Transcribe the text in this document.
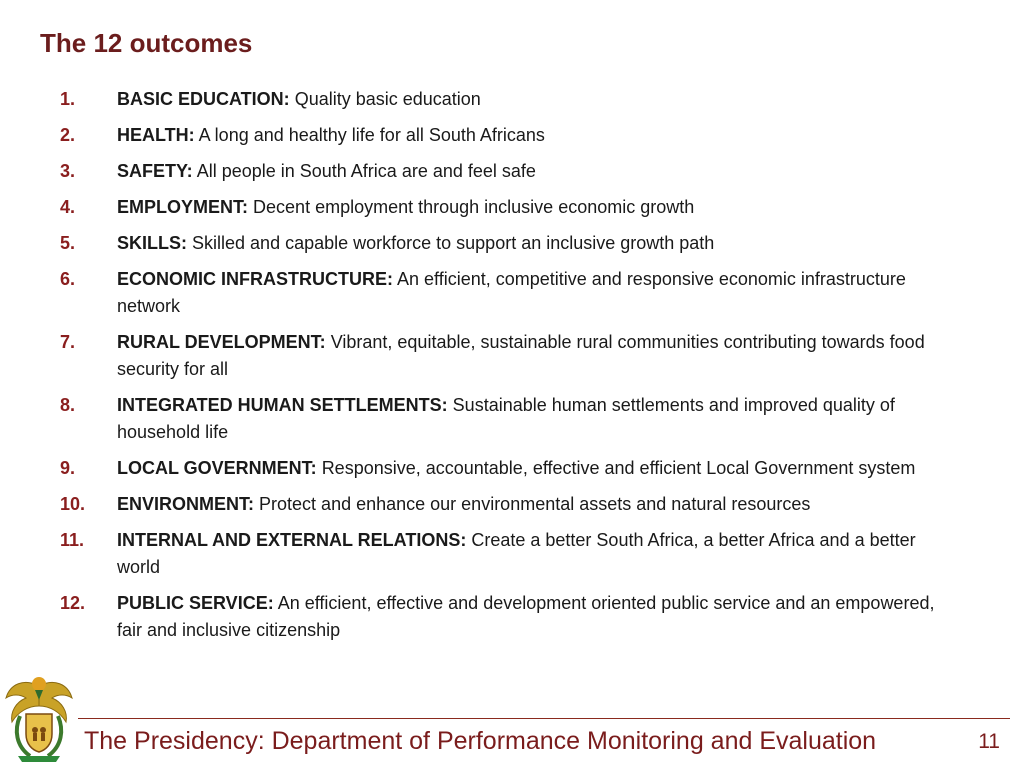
The 12 outcomes
1.	BASIC EDUCATION: Quality basic education
2.	HEALTH: A long and healthy life for all South Africans
3.	SAFETY: All people in South Africa are and feel safe
4.	EMPLOYMENT: Decent employment through inclusive economic growth
5.	SKILLS: Skilled and capable workforce to support an inclusive growth path
6.	ECONOMIC INFRASTRUCTURE: An efficient, competitive and responsive economic infrastructure network
7.	RURAL DEVELOPMENT: Vibrant, equitable, sustainable rural communities contributing towards food security for all
8.	INTEGRATED HUMAN SETTLEMENTS: Sustainable human settlements and improved quality of household life
9.	LOCAL GOVERNMENT: Responsive, accountable, effective and efficient Local Government system
10.	ENVIRONMENT: Protect and enhance our environmental assets and natural resources
11.	INTERNAL AND EXTERNAL RELATIONS: Create a better South Africa, a better Africa and a better world
12.	PUBLIC SERVICE: An efficient, effective and development oriented public service and an empowered, fair and inclusive citizenship
The Presidency: Department of Performance Monitoring and Evaluation	11
